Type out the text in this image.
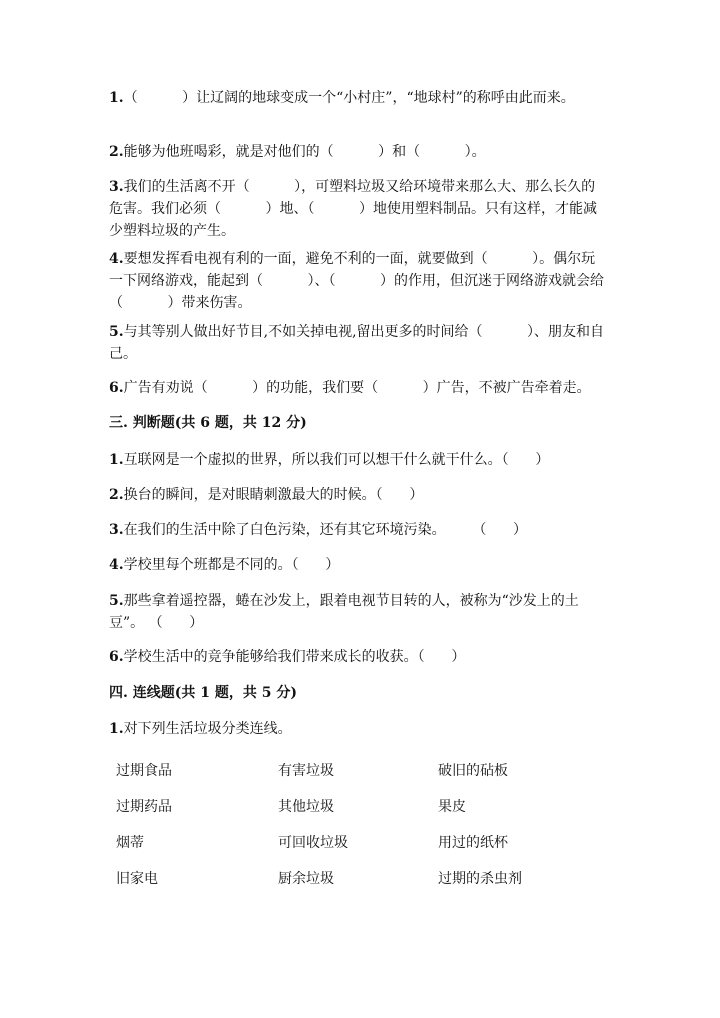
1.（          ）让辽阔的地球变成一个“小村庄”，“地球村”的称呼由此而来。

2.能够为他班喝彩，就是对他们的（          ）和（          ）。

3.我们的生活离不开（          ），可塑料垃圾又给环境带来那么大、那么长久的危害。我们必须（          ）地、（          ）地使用塑料制品。只有这样，才能减少塑料垃圾的产生。

4.要想发挥看电视有利的一面，避免不利的一面，就要做到（          ）。偶尔玩一下网络游戏，能起到（          ）、（          ）的作用，但沉迷于网络游戏就会给（          ）带来伤害。

5.与其等别人做出好节目,不如关掉电视,留出更多的时间给（          ）、朋友和自己。

6.广告有劝说（          ）的功能，我们要（          ）广告，不被广告牵着走。

三. 判断题(共 6 题，共 12 分)

1.互联网是一个虚拟的世界，所以我们可以想干什么就干什么。（      ）

2.换台的瞬间，是对眼睛刺激最大的时候。（      ）

3.在我们的生活中除了白色污染，还有其它环境污染。      （      ）

4.学校里每个班都是不同的。（      ）

5.那些拿着遥控器，蜷在沙发上，跟着电视节目转的人，被称为“沙发上的土豆”。 （      ）

6.学校生活中的竞争能够给我们带来成长的收获。（      ）

四. 连线题(共 1 题，共 5 分)

1.对下列生活垃圾分类连线。

过期食品	有害垃圾	破旧的砧板
过期药品	其他垃圾	果皮
烟蒂	可回收垃圾	用过的纸杯
旧家电	厨余垃圾	过期的杀虫剂
